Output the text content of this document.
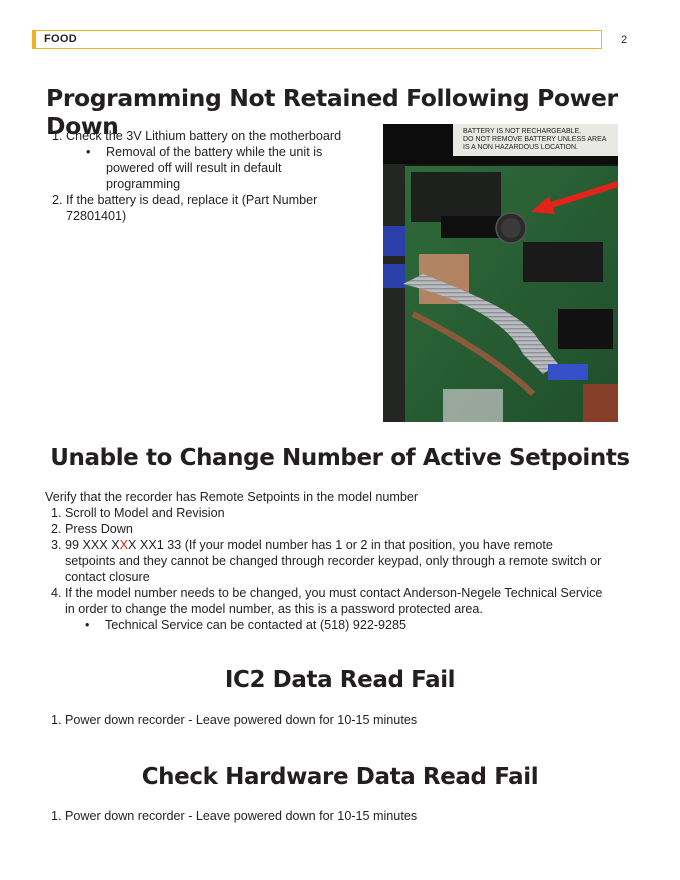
FOOD	2
Programming Not Retained Following Power Down
1. Check the 3V Lithium battery on the motherboard
• Removal of the battery while the unit is powered off will result in default programming
2. If the battery is dead, replace it (Part Number 72801401)
BATTERY IS NOT RECHARGEABLE.
DO NOT REMOVE BATTERY UNLESS AREA
IS A NON HAZARDOUS LOCATION.
Unable to Change Number of Active Setpoints
Verify that the recorder has Remote Setpoints in the model number
1. Scroll to Model and Revision
2. Press Down
3. 99 XXX XXX XX1 33 (If your model number has 1 or 2 in that position, you have remote setpoints and they cannot be changed through recorder keypad, only through a remote switch or contact closure
4. If the model number needs to be changed, you must contact Anderson-Negele Technical Service in order to change the model number, as this is a password protected area.
• Technical Service can be contacted at (518) 922-9285
IC2 Data Read Fail
1. Power down recorder - Leave powered down for 10-15 minutes
Check Hardware Data Read Fail
1. Power down recorder - Leave powered down for 10-15 minutes
